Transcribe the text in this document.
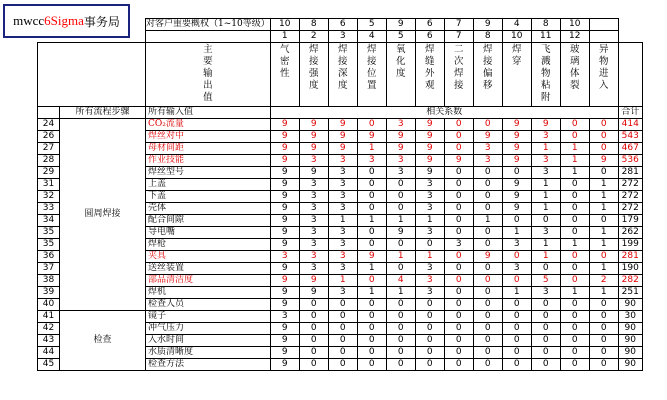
mwcc 6Sigma 事务局
		对客户重要概权（1~10等级）	10	8	6	5	9	6	7	9	4	8	10		
			1	2	3	4	5	6	7	8	10	11	12		
		主要输出值	气密性	焊接强度	焊接深度	焊接位置	氧化度	焊缝外观	二次焊接	焊接偏移	焊穿	飞溅物粘附	玻璃体裂	异物进入	
	所有流程步骤	所有输入值	相关系数												合计
24	圆周焊接	CO₂流量	9	9	9	0	3	9	0	0	9	9	0	0	414
26		焊丝对中	9	9	9	9	9	9	0	9	9	3	0	0	543
27		母材间距	9	9	9	1	9	9	0	3	9	1	1	0	467
28		作业技能	9	3	3	3	3	9	9	3	9	3	1	9	536
29		焊丝型号	9	9	3	0	3	9	0	0	0	3	1	0	281
31		上盖	9	3	3	0	0	3	0	0	9	1	0	1	272
32		下盖	9	3	3	0	0	3	0	0	9	1	0	1	272
33		壳体	9	3	3	0	0	3	0	0	9	1	0	1	272
34		配合间隙	9	3	1	1	1	1	0	1	0	0	0	0	179
35		导电嘴	9	3	3	0	9	3	0	0	1	3	0	1	262
35		焊枪	9	3	3	0	0	0	3	0	3	1	1	1	199
36		夹具	3	3	3	9	1	1	0	9	0	1	0	0	281
37		送丝装置	9	3	3	1	0	3	0	0	3	0	0	1	190
38		部品清洁度	9	9	1	0	4	3	0	0	0	5	0	2	282
39		焊机	9	9	3	1	1	3	0	0	1	3	1	1	251
40		检查人员	9	0	0	0	0	0	0	0	0	0	0	0	90
41	检查	镜子	3	0	0	0	0	0	0	0	0	0	0	0	30
42		冲气压力	9	0	0	0	0	0	0	0	0	0	0	0	90
43		入水时间	9	0	0	0	0	0	0	0	0	0	0	0	90
44		水质清晰度	9	0	0	0	0	0	0	0	0	0	0	0	90
45		检查方法	9	0	0	0	0	0	0	0	0	0	0	0	90
